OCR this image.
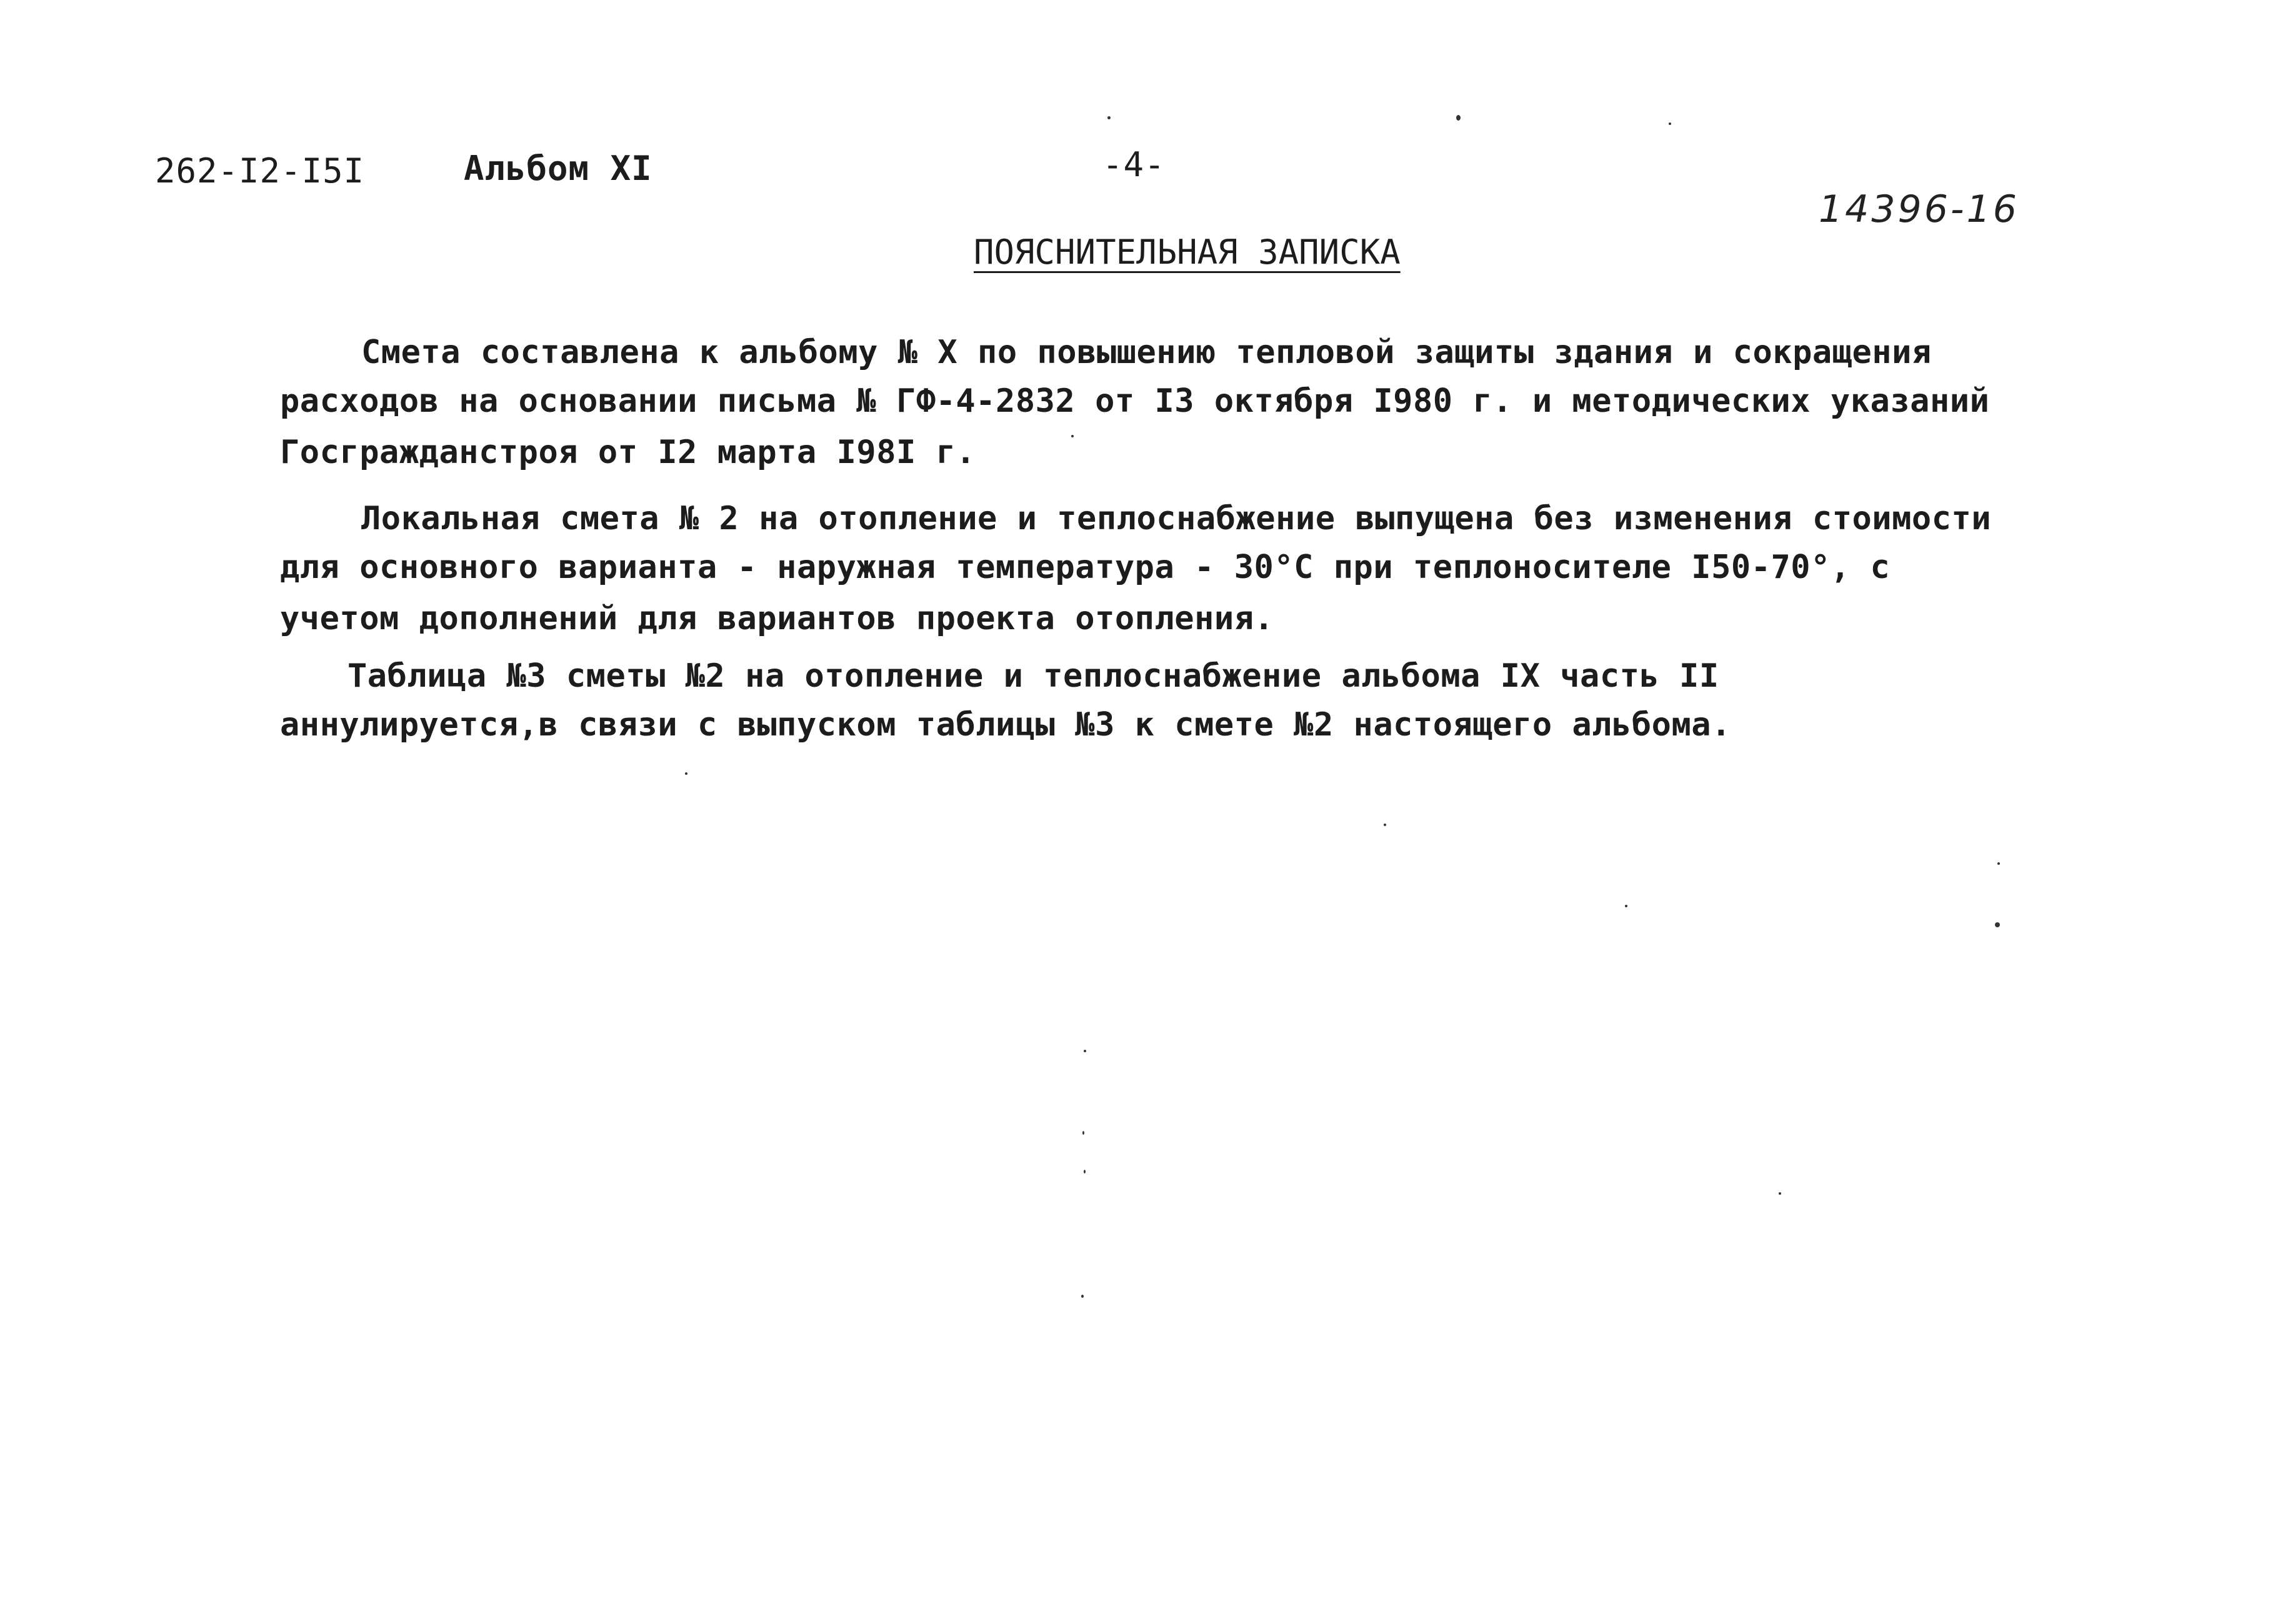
262-I2-I5I	Альбом XI	-4-
14396-16
ПОЯСНИТЕЛЬНАЯ ЗАПИСКА
Смета составлена к альбому № X по повышению тепловой защиты здания и сокращения
расходов на основании письма № ГФ-4-2832 от I3 октября I980 г. и методических указаний
Госгражданстроя от I2 марта I98I г.
Локальная смета № 2 на отопление и теплоснабжение выпущена без изменения стоимости
для основного варианта - наружная температура - 30°С при теплоносителе I50-70°, с
учетом дополнений для вариантов проекта отопления.
Таблица №3 сметы №2 на отопление и теплоснабжение альбома IX часть II
аннулируется,в связи с выпуском таблицы №3 к смете №2 настоящего альбома.
